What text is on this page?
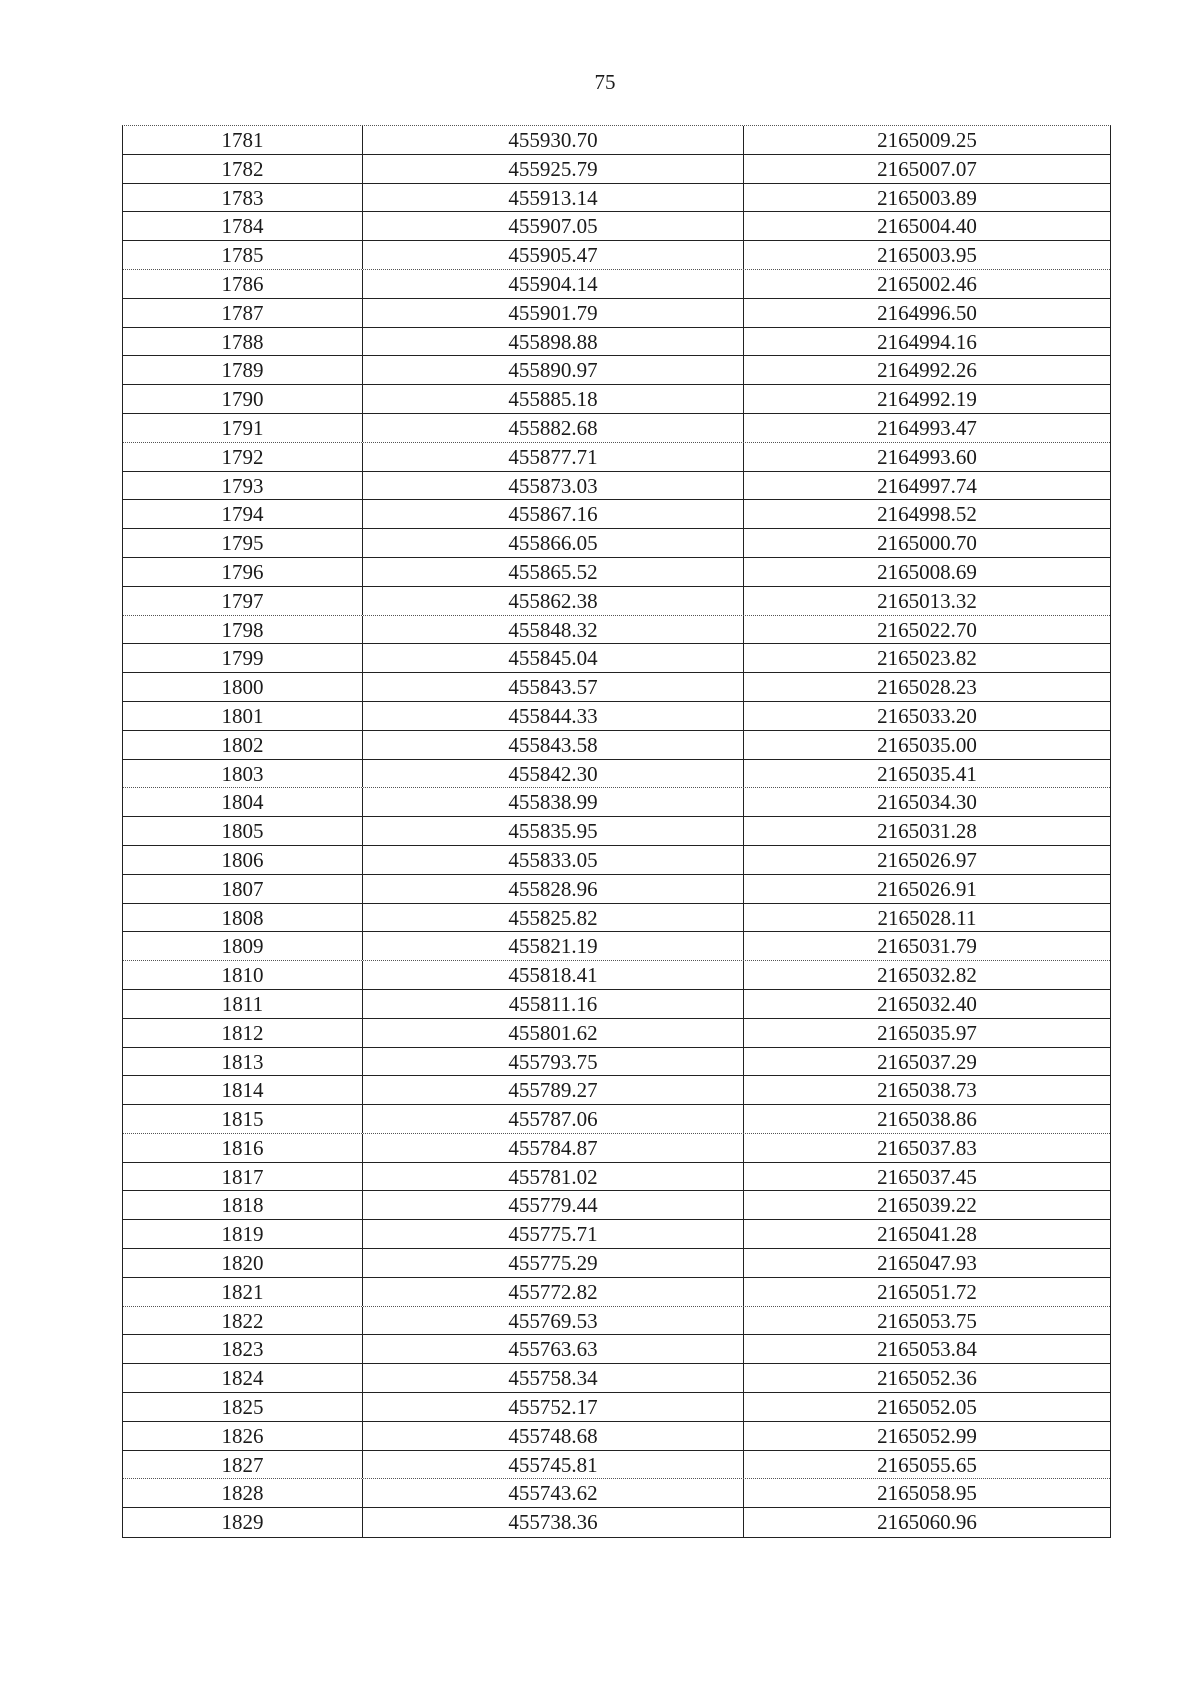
75
1781	455930.70	2165009.25
1782	455925.79	2165007.07
1783	455913.14	2165003.89
1784	455907.05	2165004.40
1785	455905.47	2165003.95
1786	455904.14	2165002.46
1787	455901.79	2164996.50
1788	455898.88	2164994.16
1789	455890.97	2164992.26
1790	455885.18	2164992.19
1791	455882.68	2164993.47
1792	455877.71	2164993.60
1793	455873.03	2164997.74
1794	455867.16	2164998.52
1795	455866.05	2165000.70
1796	455865.52	2165008.69
1797	455862.38	2165013.32
1798	455848.32	2165022.70
1799	455845.04	2165023.82
1800	455843.57	2165028.23
1801	455844.33	2165033.20
1802	455843.58	2165035.00
1803	455842.30	2165035.41
1804	455838.99	2165034.30
1805	455835.95	2165031.28
1806	455833.05	2165026.97
1807	455828.96	2165026.91
1808	455825.82	2165028.11
1809	455821.19	2165031.79
1810	455818.41	2165032.82
1811	455811.16	2165032.40
1812	455801.62	2165035.97
1813	455793.75	2165037.29
1814	455789.27	2165038.73
1815	455787.06	2165038.86
1816	455784.87	2165037.83
1817	455781.02	2165037.45
1818	455779.44	2165039.22
1819	455775.71	2165041.28
1820	455775.29	2165047.93
1821	455772.82	2165051.72
1822	455769.53	2165053.75
1823	455763.63	2165053.84
1824	455758.34	2165052.36
1825	455752.17	2165052.05
1826	455748.68	2165052.99
1827	455745.81	2165055.65
1828	455743.62	2165058.95
1829	455738.36	2165060.96
